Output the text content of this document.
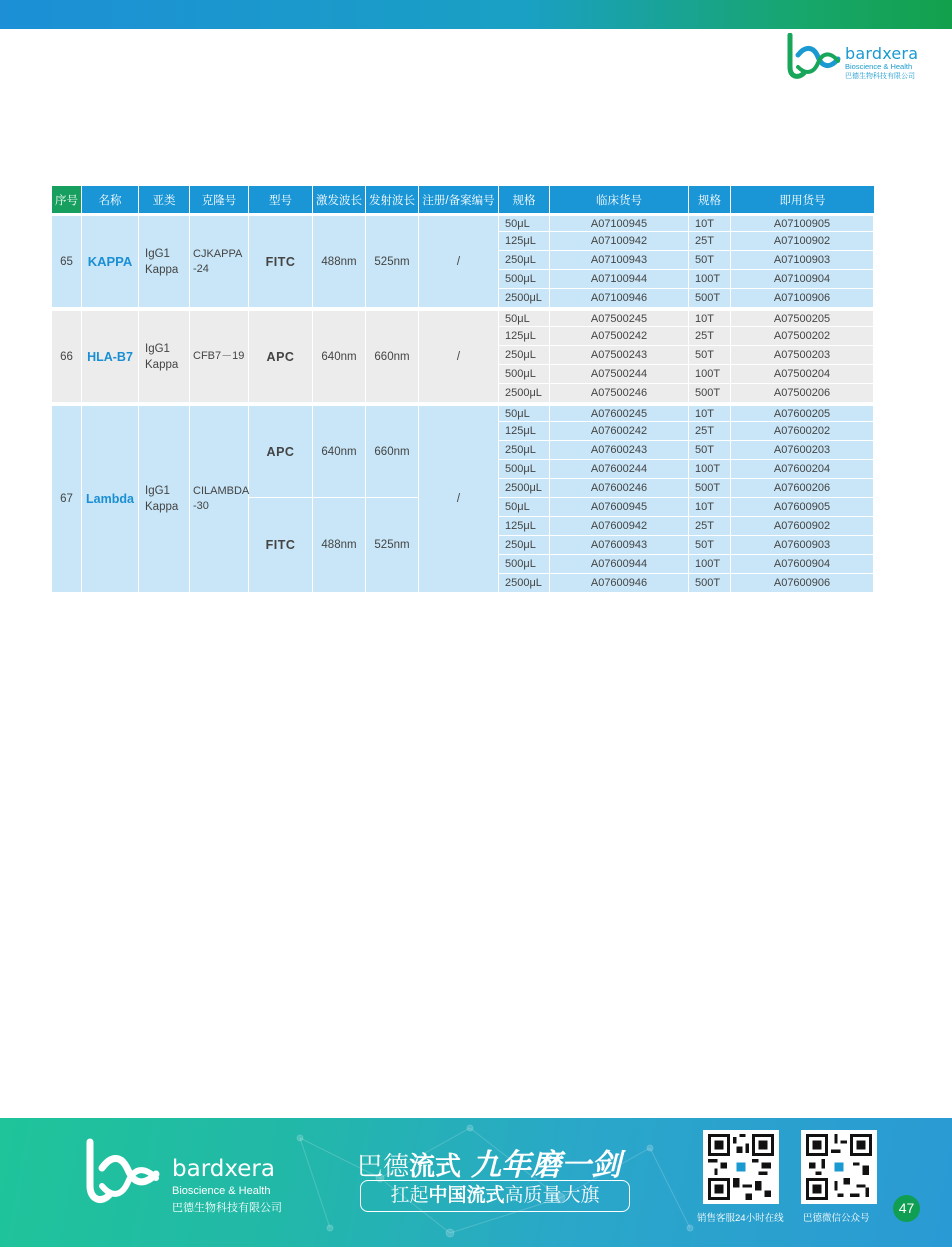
bardxera
Bioscience & Health
巴德生物科技有限公司
序号	名称	亚类	克隆号	型号	激发波长	发射波长	注册/备案编号	规格	临床货号	规格	即用货号
65	KAPPA	IgG1 Kappa	CJKAPPA -24	FITC	488nm	525nm	/	50μL	A07100945	10T	A07100905
								125μL	A07100942	25T	A07100902
								250μL	A07100943	50T	A07100903
								500μL	A07100944	100T	A07100904
								2500μL	A07100946	500T	A07100906
66	HLA-B7	IgG1 Kappa	CFB7－19	APC	640nm	660nm	/	50μL	A07500245	10T	A07500205
								125μL	A07500242	25T	A07500202
								250μL	A07500243	50T	A07500203
								500μL	A07500244	100T	A07500204
								2500μL	A07500246	500T	A07500206
67	Lambda	IgG1 Kappa	CILAMBDA -30	APC	640nm	660nm	/	50μL	A07600245	10T	A07600205
								125μL	A07600242	25T	A07600202
								250μL	A07600243	50T	A07600203
								500μL	A07600244	100T	A07600204
								2500μL	A07600246	500T	A07600206
				FITC	488nm	525nm		50μL	A07600945	10T	A07600905
								125μL	A07600942	25T	A07600902
								250μL	A07600943	50T	A07600903
								500μL	A07600944	100T	A07600904
								2500μL	A07600946	500T	A07600906
bardxera
Bioscience & Health
巴德生物科技有限公司
巴德流式 九年磨一剑
扛起中国流式高质量大旗
销售客服24小时在线 巴德微信公众号
47
